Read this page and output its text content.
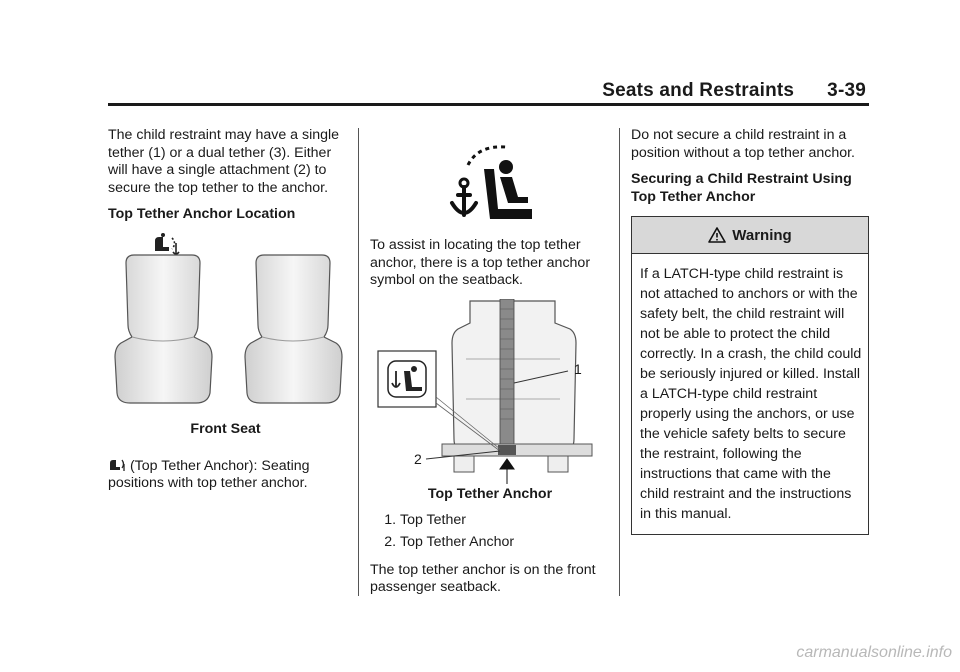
Seats and Restraints 3-39

The child restraint may have a single tether (1) or a dual tether (3). Either will have a single attachment (2) to secure the top tether to the anchor.

Top Tether Anchor Location

Front Seat

(Top Tether Anchor): Seating positions with top tether anchor.

To assist in locating the top tether anchor, there is a top tether anchor symbol on the seatback.

1
2

Top Tether Anchor

1. Top Tether
2. Top Tether Anchor

The top tether anchor is on the front passenger seatback.

Do not secure a child restraint in a position without a top tether anchor.

Securing a Child Restraint Using Top Tether Anchor

Warning
If a LATCH-type child restraint is not attached to anchors or with the safety belt, the child restraint will not be able to protect the child correctly. In a crash, the child could be seriously injured or killed. Install a LATCH-type child restraint properly using the anchors, or use the vehicle safety belts to secure the restraint, following the instructions that came with the child restraint and the instructions in this manual.
carmanualsonline.info
